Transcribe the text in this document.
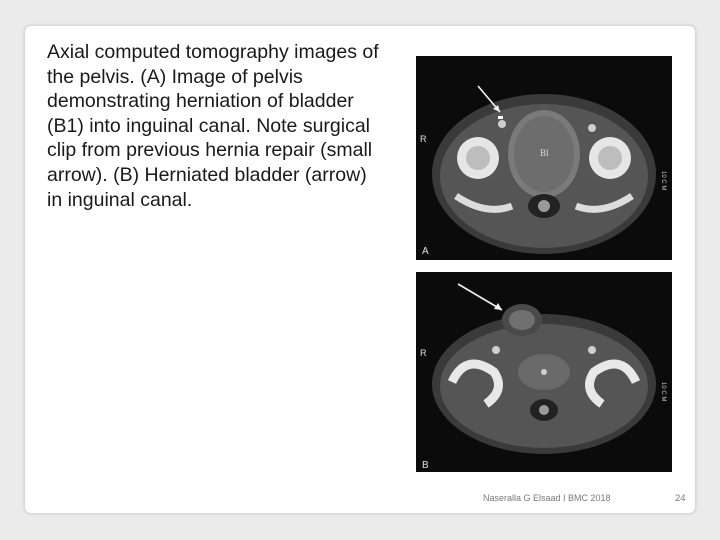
Axial computed tomography images of the pelvis. (A) Image of pelvis demonstrating herniation of bladder (B1) into inguinal canal. Note surgical clip from previous hernia repair (small arrow). (B) Herniated bladder (arrow) in inguinal canal.

R
Bl
A
10 C M
R
B
10 C M
Naseralla G Elsaad I BMC 2018	24
